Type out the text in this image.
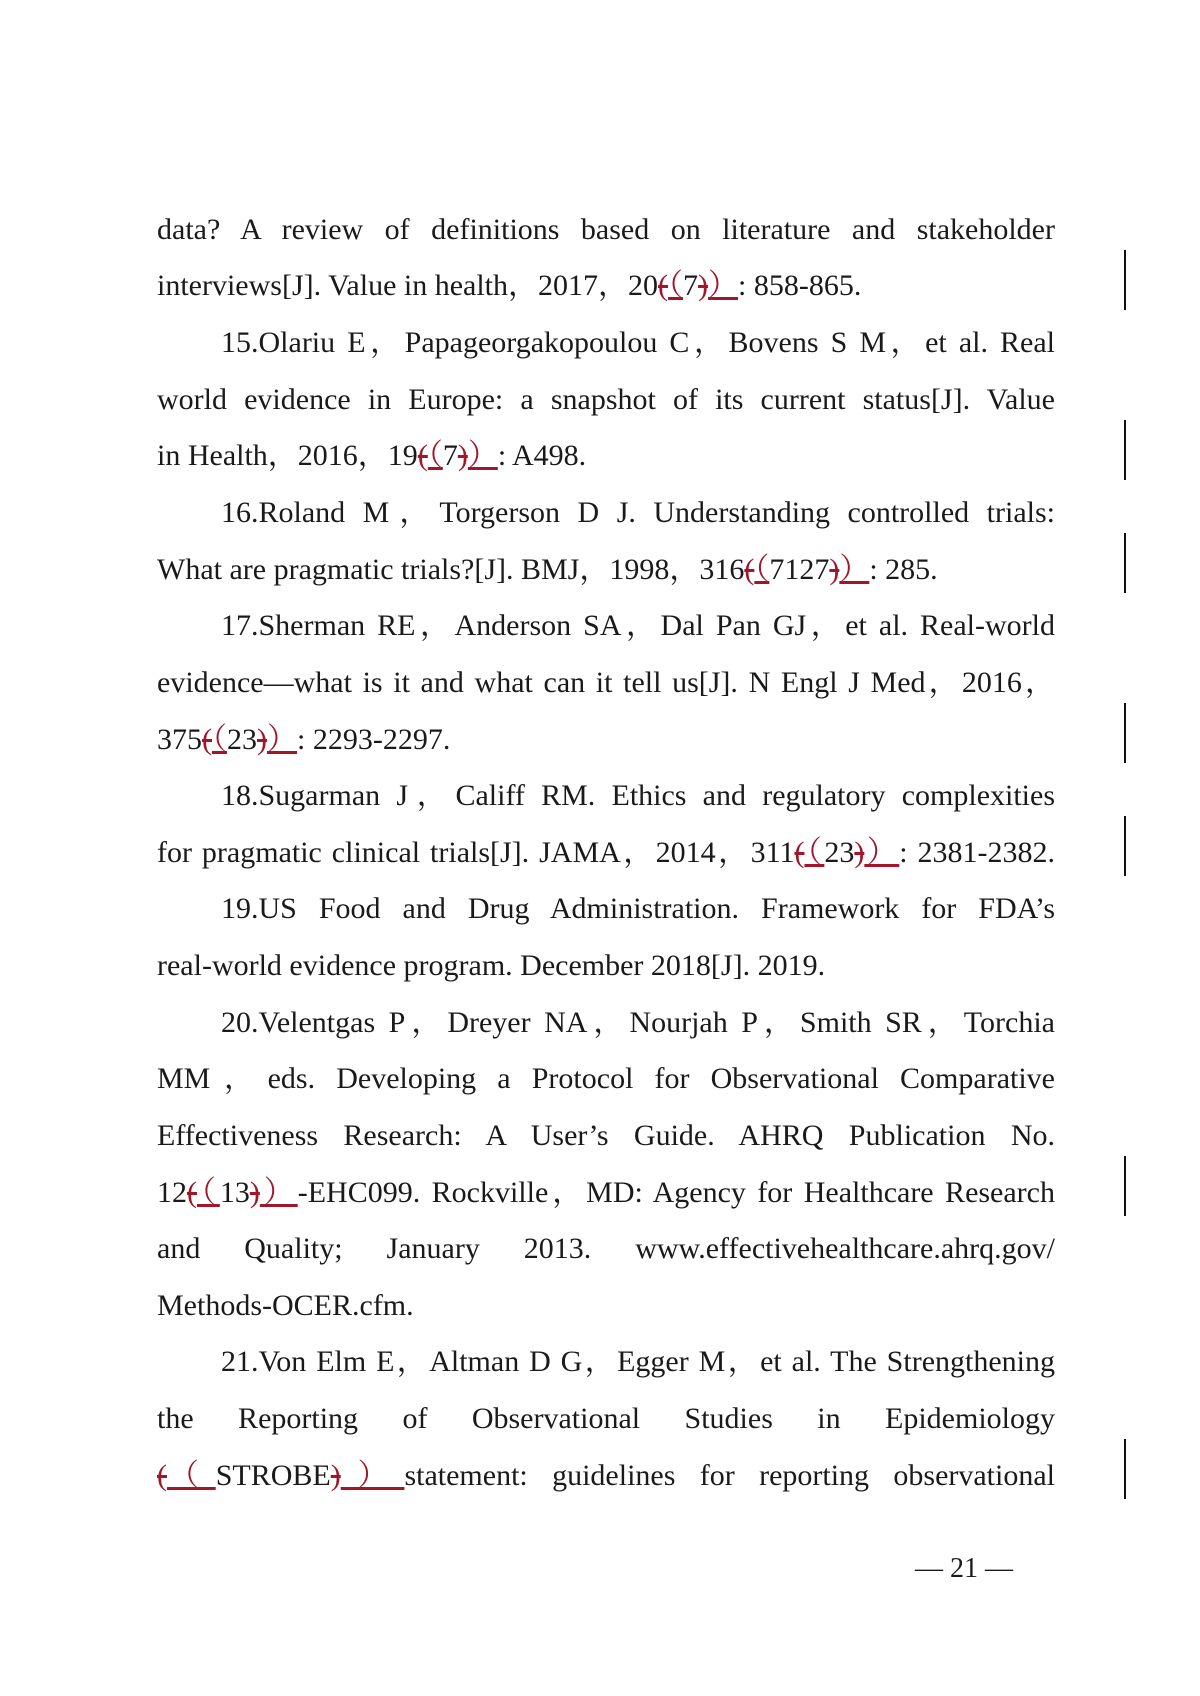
data? A review of definitions based on literature and stakeholder
interviews[J]. Value in health，2017，20(（7)）: 858-865.
15.Olariu E，Papageorgakopoulou C，Bovens S M，et al. Real
world evidence in Europe: a snapshot of its current status[J]. Value
in Health，2016，19(（7)）: A498.
16.Roland M，Torgerson D J. Understanding controlled trials:
What are pragmatic trials?[J]. BMJ，1998，316(（7127)）: 285.
17.Sherman RE，Anderson SA，Dal Pan GJ，et al. Real-world
evidence—what is it and what can it tell us[J]. N Engl J Med，2016，
375(（23)）: 2293-2297.
18.Sugarman J，Califf RM. Ethics and regulatory complexities
for pragmatic clinical trials[J]. JAMA，2014，311(（23)）: 2381-2382.
19.US Food and Drug Administration. Framework for FDA’s
real-world evidence program. December 2018[J]. 2019.
20.Velentgas P，Dreyer NA，Nourjah P，Smith SR，Torchia
MM，eds. Developing a Protocol for Observational Comparative
Effectiveness Research: A User’s Guide. AHRQ Publication No.
12(（13)）-EHC099. Rockville，MD: Agency for Healthcare Research
and Quality; January 2013. www.effectivehealthcare.ahrq.gov/
Methods-OCER.cfm.
21.Von Elm E，Altman D G，Egger M，et al. The Strengthening
the Reporting of Observational Studies in Epidemiology
(（STROBE)）statement: guidelines for reporting observational
— 21 —
